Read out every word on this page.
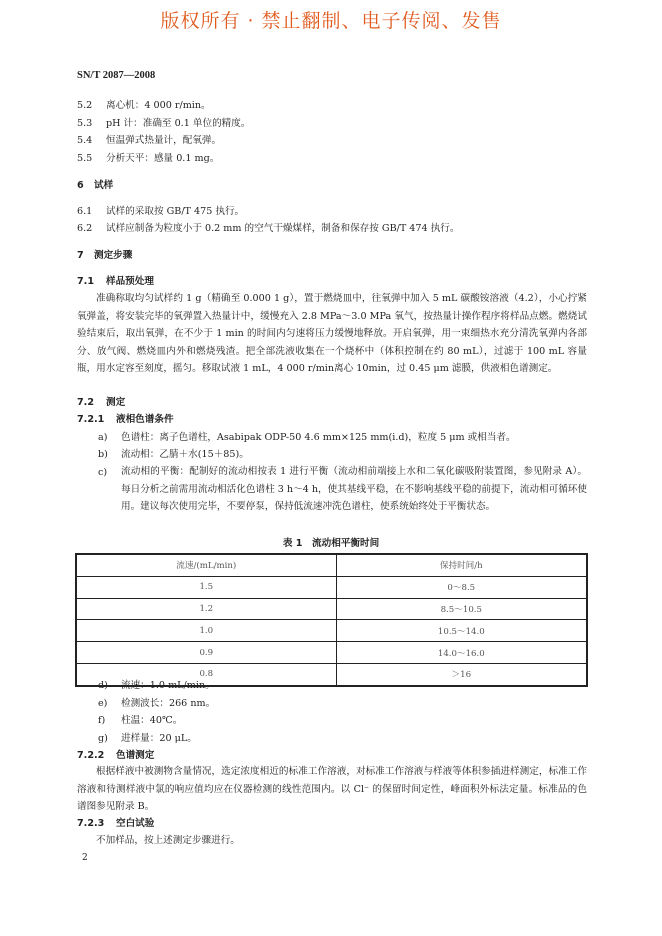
版权所有 · 禁止翻制、电子传阅、发售
SN/T 2087—2008
5.2 离心机：4 000 r/min。
5.3 pH 计：准确至 0.1 单位的精度。
5.4 恒温弹式热量计，配氧弹。
5.5 分析天平：感量 0.1 mg。
6 试样
6.1 试样的采取按 GB/T 475 执行。
6.2 试样应制备为粒度小于 0.2 mm 的空气干燥煤样，制备和保存按 GB/T 474 执行。
7 测定步骤
7.1 样品预处理
准确称取均匀试样约 1 g（精确至 0.000 1 g），置于燃烧皿中，往氧弹中加入 5 mL 碳酸铵溶液（4.2），小心拧紧氧弹盖，将安装完毕的氧弹置入热量计中，缓慢充入 2.8 MPa～3.0 MPa 氧气，按热量计操作程序将样品点燃。燃烧试验结束后，取出氧弹，在不少于 1 min 的时间内匀速将压力缓慢地释放。开启氧弹，用一束细热水充分清洗氧弹内各部分、放气阀、燃烧皿内外和燃烧残渣。把全部洗液收集在一个烧杯中（体积控制在约 80 mL），过滤于 100 mL 容量瓶，用水定容至刻度，摇匀。移取试液 1 mL，4 000 r/min离心 10min，过 0.45 μm 滤膜，供液相色谱测定。
7.2 测定
7.2.1 液相色谱条件
a) 色谱柱：离子色谱柱，Asabipak ODP-50 4.6 mm×125 mm(i.d)，粒度 5 μm 或相当者。
b) 流动相：乙腈＋水(15＋85)。
c) 流动相的平衡：配制好的流动相按表 1 进行平衡（流动相前端接上水和二氧化碳吸附装置图，参见附录 A）。每日分析之前需用流动相活化色谱柱 3 h～4 h，使其基线平稳，在不影响基线平稳的前提下，流动相可循环使用。建议每次使用完毕，不要停泵，保持低流速冲洗色谱柱，使系统始终处于平衡状态。
表 1　流动相平衡时间
流速/(mL/min)	保持时间/h
1.5	0～8.5
1.2	8.5～10.5
1.0	10.5～14.0
0.9	14.0～16.0
0.8	＞16
d) 流速：1.0 mL/min。
e) 检测波长：266 nm。
f) 柱温：40℃。
g) 进样量：20 μL。
7.2.2 色谱测定
根据样液中被测物含量情况，选定浓度相近的标准工作溶液，对标准工作溶液与样液等体积参插进样测定，标准工作溶液和待测样液中氯的响应值均应在仪器检测的线性范围内。以 Cl⁻ 的保留时间定性，峰面积外标法定量。标准品的色谱图参见附录 B。
7.2.3 空白试验
不加样品，按上述测定步骤进行。
2
